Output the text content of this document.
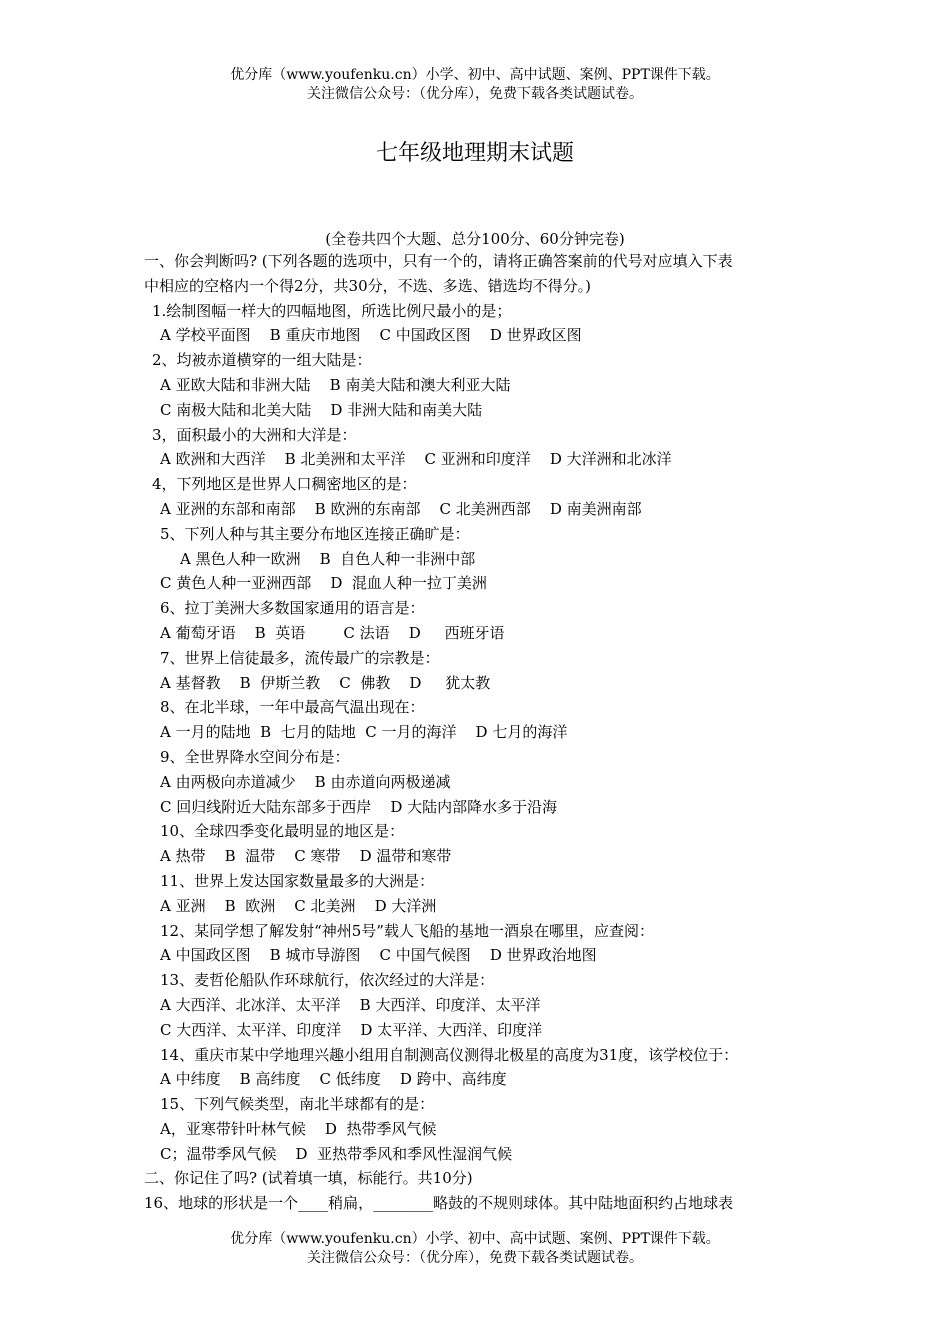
优分库（www.youfenku.cn）小学、初中、高中试题、案例、PPT课件下载。
关注微信公众号：（优分库），免费下载各类试题试卷。
七年级地理期末试题
(全卷共四个大题、总分100分、60分钟完卷)
一、你会判断吗? (下列各题的选项中，只有一个的，请将正确答案前的代号对应填入下表
中相应的空格内一个得2分，共30分，不选、多选、错选均不得分。)
1.绘制图幅一样大的四幅地图，所选比例尺最小的是；
A 学校平面图    B 重庆市地图    C 中国政区图    D 世界政区图
2、均被赤道横穿的一组大陆是：
A 亚欧大陆和非洲大陆    B 南美大陆和澳大利亚大陆
C 南极大陆和北美大陆    D 非洲大陆和南美大陆
3，面积最小的大洲和大洋是：
A 欧洲和大西洋    B 北美洲和太平洋    C 亚洲和印度洋    D 大洋洲和北冰洋
4，下列地区是世界人口稠密地区的是：
A 亚洲的东部和南部    B 欧洲的东南部    C 北美洲西部    D 南美洲南部
5、下列人种与其主要分布地区连接正确旷是：
A 黑色人种一欧洲    B  自色人种一非洲中部
C 黄色人种一亚洲西部    D  混血人种一拉丁美洲
6、拉丁美洲大多数国家通用的语言是：
A 葡萄牙语    B  英语        C 法语    D     西班牙语
7、世界上信徒最多，流传最广的宗教是：
A 基督教    B  伊斯兰教    C  佛教    D     犹太教
8、在北半球，一年中最高气温出现在：
A 一月的陆地  B  七月的陆地  C 一月的海洋    D 七月的海洋
9、全世界降水空间分布是：
A 由两极向赤道减少    B 由赤道向两极递减
C 回归线附近大陆东部多于西岸    D 大陆内部降水多于沿海
10、全球四季变化最明显的地区是：
A 热带    B  温带    C 寒带    D 温带和寒带
11、世界上发达国家数量最多的大洲是：
A 亚洲    B  欧洲    C 北美洲    D 大洋洲
12、某同学想了解发射“神州5号”载人飞船的基地一酒泉在哪里，应查阅：
A 中国政区图    B 城市导游图    C 中国气候图    D 世界政治地图
13、麦哲伦船队作环球航行，依次经过的大洋是：
A 大西洋、北冰洋、太平洋    B 大西洋、印度洋、太平洋
C 大西洋、太平洋、印度洋    D 太平洋、大西洋、印度洋
14、重庆市某中学地理兴趣小组用自制测高仪测得北极星的高度为31度，该学校位于：
A 中纬度    B 高纬度    C 低纬度    D 跨中、高纬度
15、下列气候类型，南北半球都有的是：
A，亚寒带针叶林气候    D  热带季风气候
C；温带季风气候    D  亚热带季风和季风性湿润气候
二、你记住了吗? (试着填一填，标能行。共10分)
16、地球的形状是一个____稍扁，________略鼓的不规则球体。其中陆地面积约占地球表
优分库（www.youfenku.cn）小学、初中、高中试题、案例、PPT课件下载。
关注微信公众号：（优分库），免费下载各类试题试卷。
